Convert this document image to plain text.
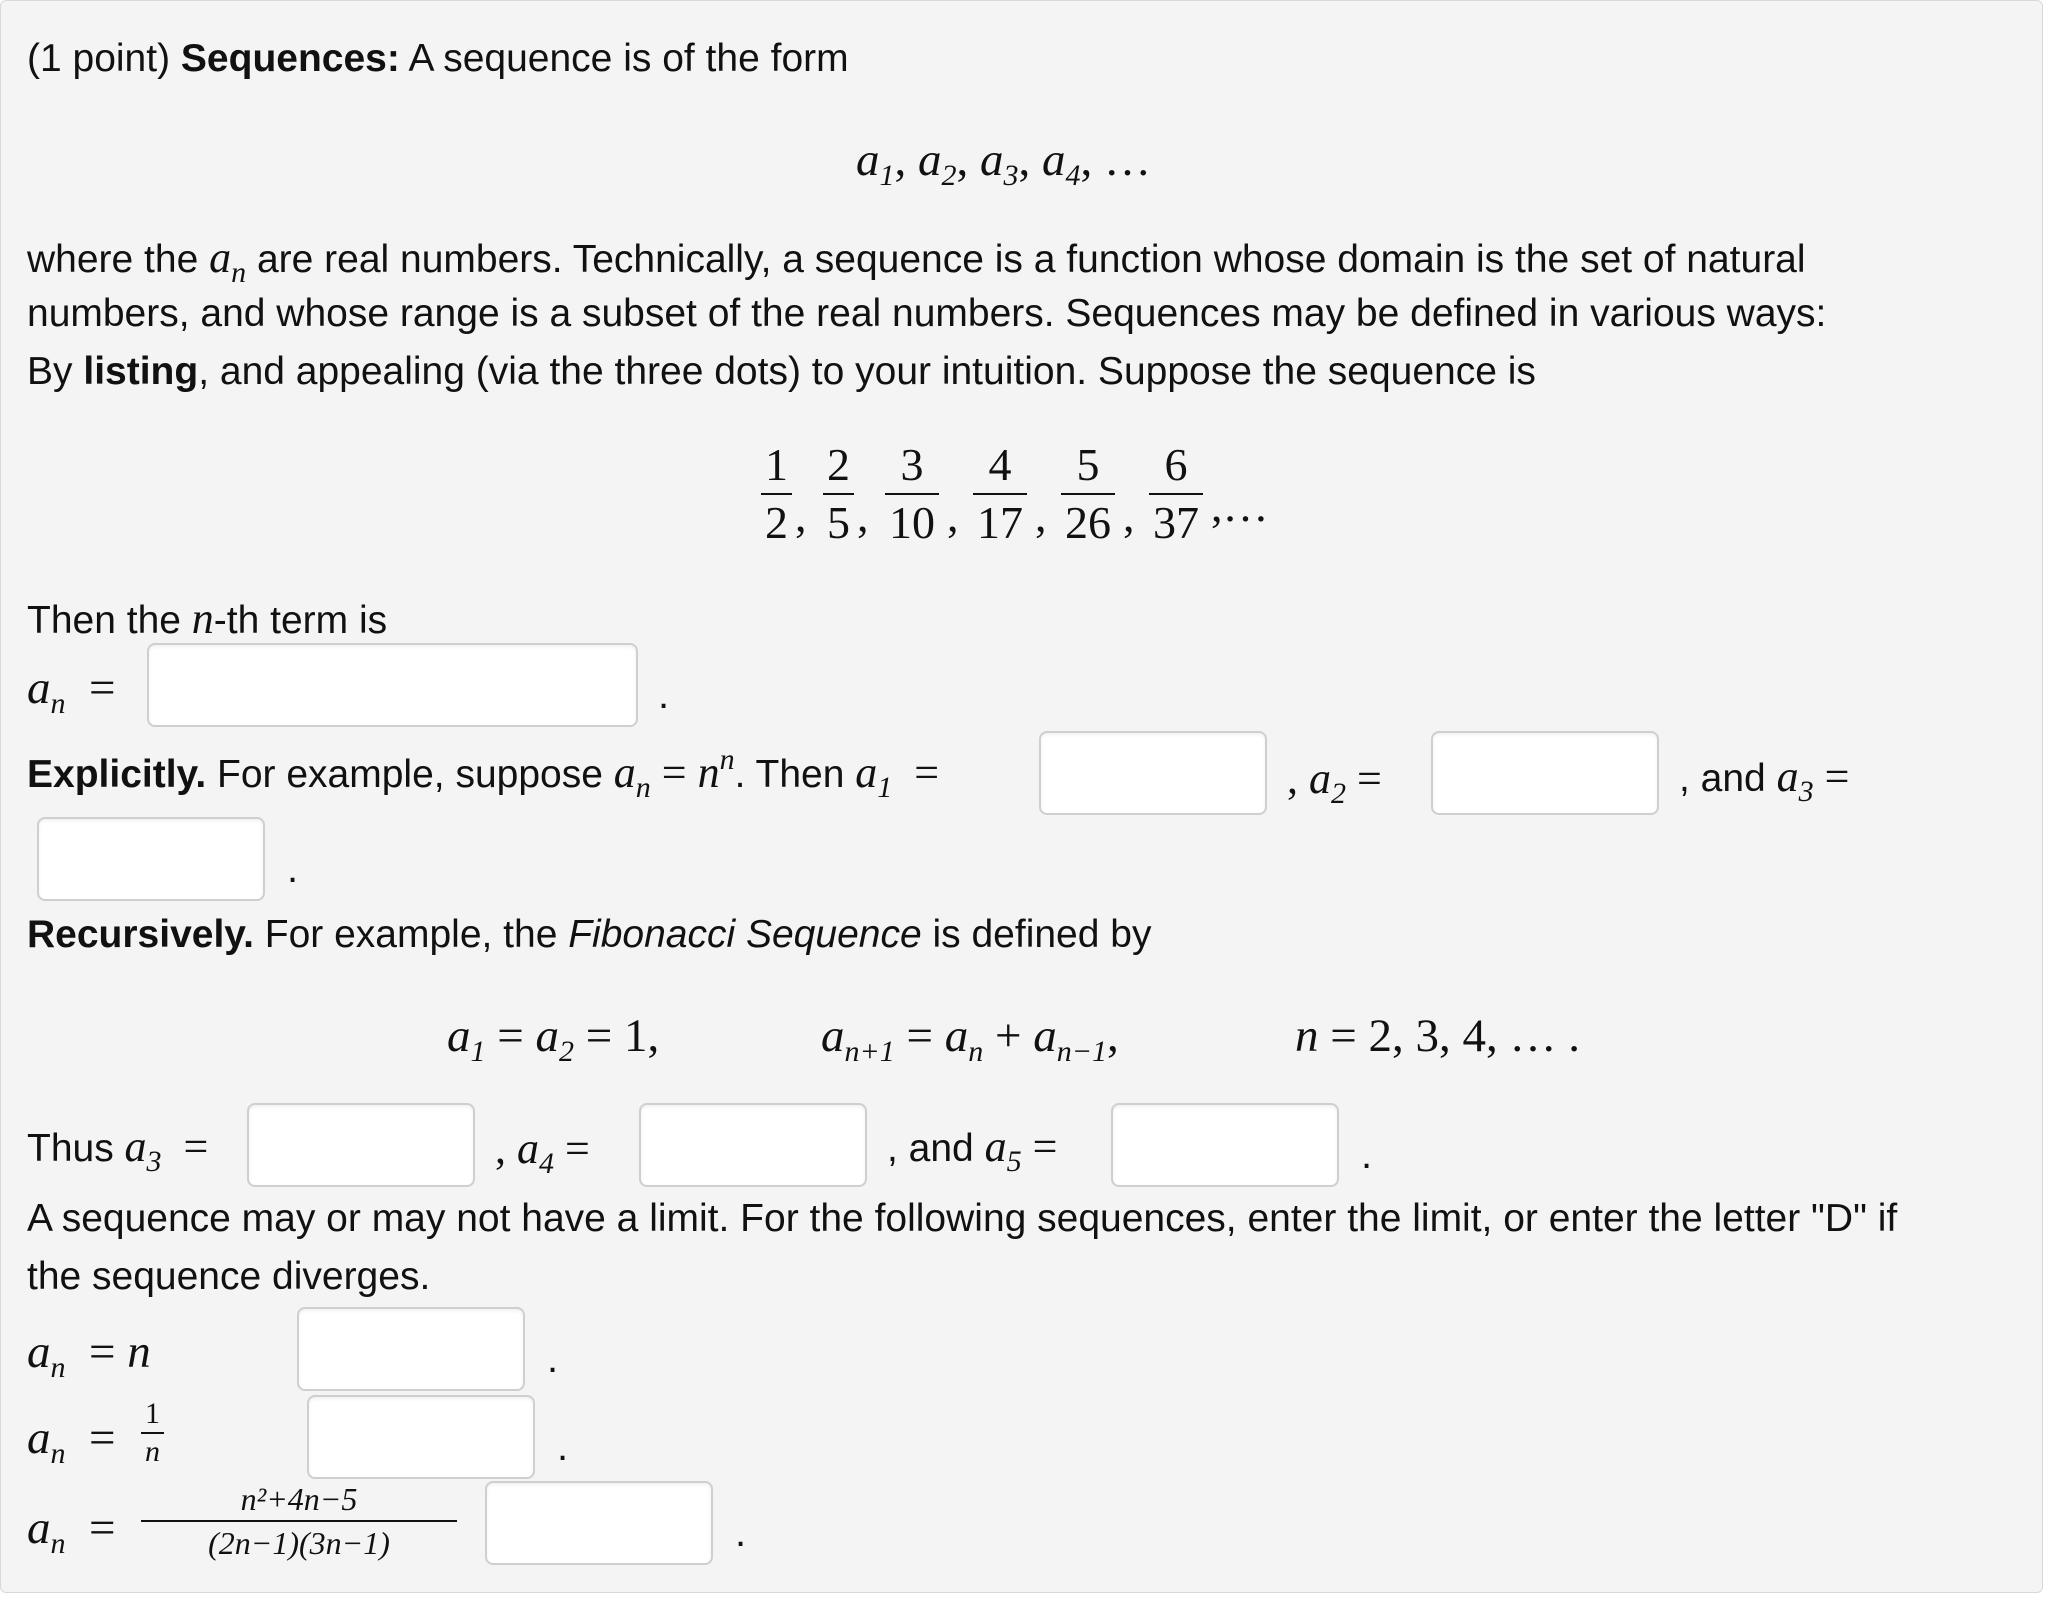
(1 point) Sequences: A sequence is of the form
$a_1$, $a_2$, $a_3$, $a_4$, …
where the $a_n$ are real numbers. Technically, a sequence is a function whose domain is the set of natural
numbers, and whose range is a subset of the real numbers. Sequences may be defined in various ways:
By listing, and appealing (via the three dots) to your intuition. Suppose the sequence is
1
2 ,
2
5 ,
3
10 ,
4
17 ,
5
26 ,
6
37 ,…
Then the n-th term is
$a_n$  =	.
Explicitly. For example, suppose $a_n = n^n$. Then $a_1$  =	, $a_2$ =	, and $a_3$ =
.
Recursively. For example, the Fibonacci Sequence is defined by
$a_1 = a_2 = 1$,	$a_{n+1} = a_n + a_{n-1}$,	n = 2, 3, 4, … .
Thus $a_3$  =	, $a_4$ =	, and $a_5$ =	.
A sequence may or may not have a limit. For the following sequences, enter the limit, or enter the letter "D" if
the sequence diverges.
$a_n = n$	.
$a_n = 1$
n	.
$a_n$  =
n²+4n−5
(2n−1)(3n−1)	.
